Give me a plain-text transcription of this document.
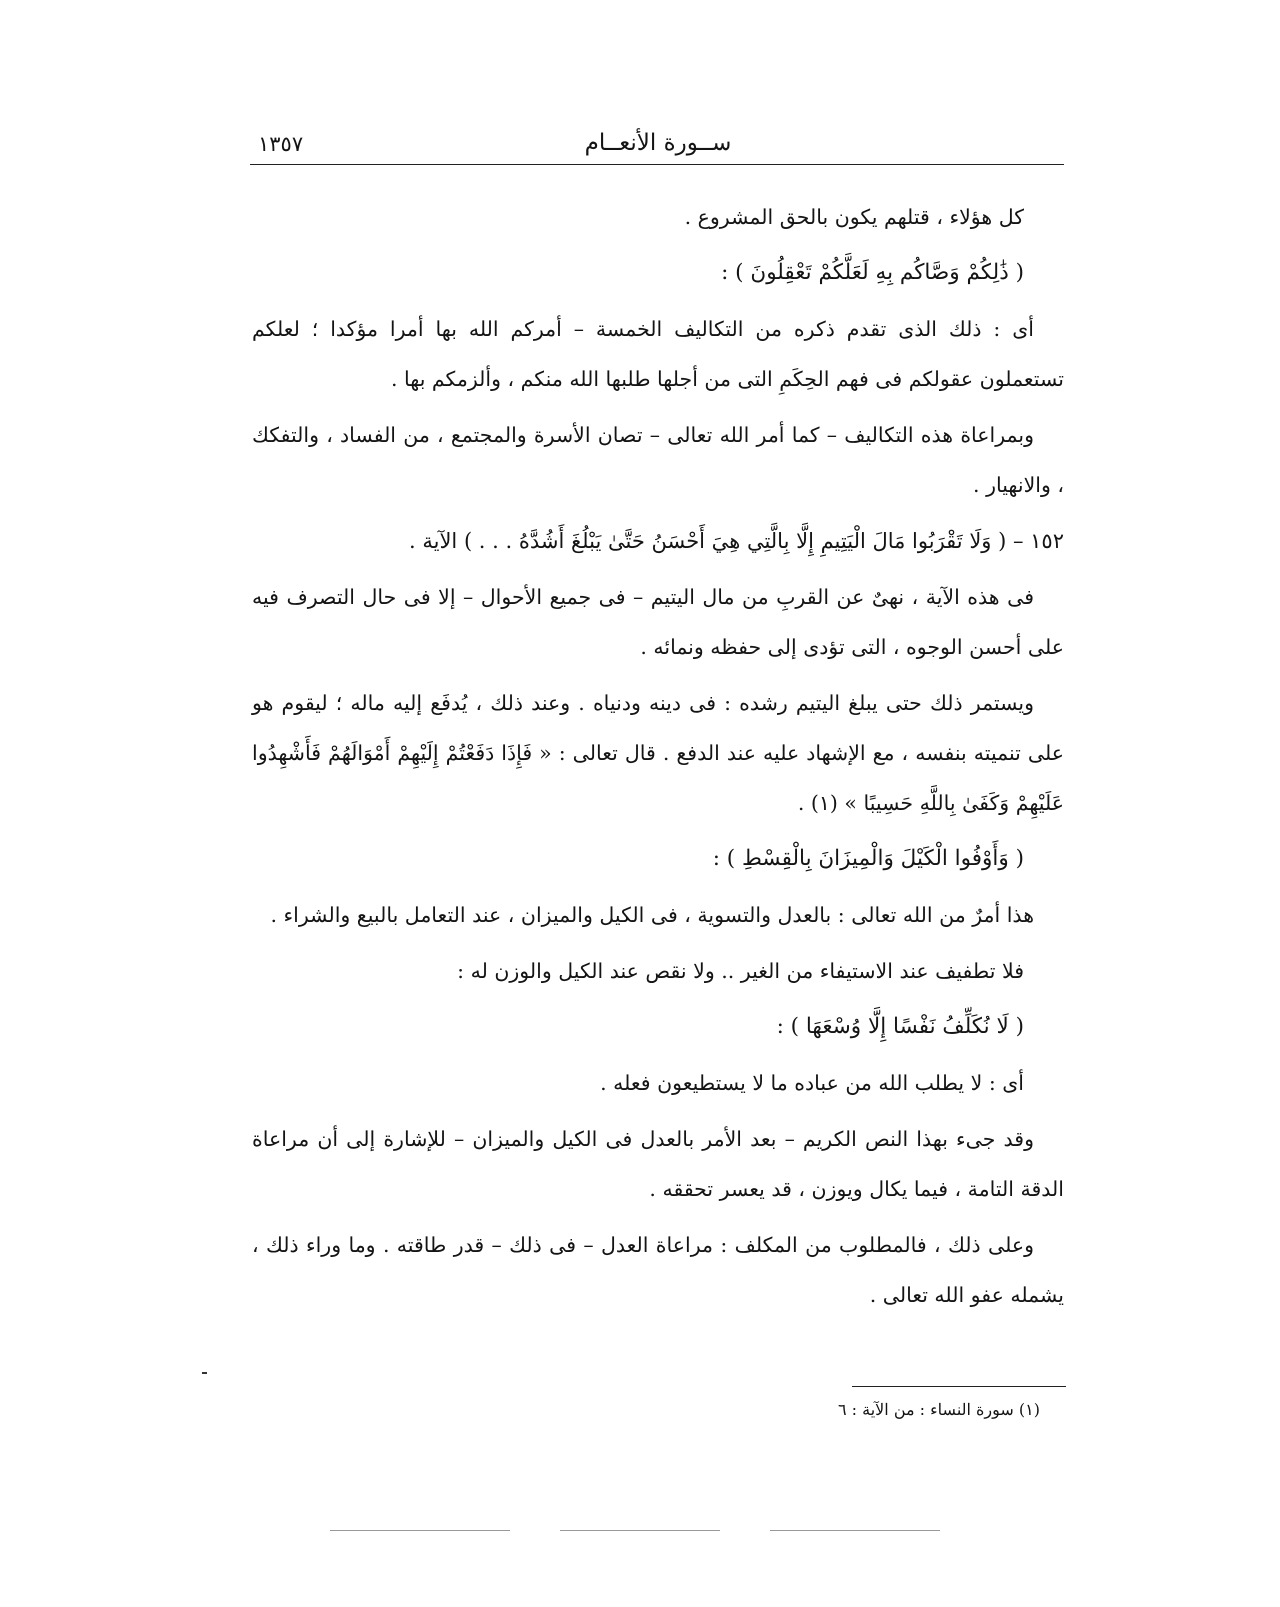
ســورة الأنعــام
١٣٥٧

كل هؤلاء ، قتلهم يكون بالحق المشروع .

( ذَٰلِكُمْ وَصَّاكُم بِهِ لَعَلَّكُمْ تَعْقِلُونَ ) :

أى : ذلك الذى تقدم ذكره من التكاليف الخمسة – أمركم الله بها أمرا مؤكدا ؛ لعلكم تستعملون عقولكم فى فهم الحِكَمِ التى من أجلها طلبها الله منكم ، وألزمكم بها .

وبمراعاة هذه التكاليف – كما أمر الله تعالى – تصان الأسرة والمجتمع ، من الفساد ، والتفكك ، والانهيار .

١٥٢ – ( وَلَا تَقْرَبُوا مَالَ الْيَتِيمِ إِلَّا بِالَّتِي هِيَ أَحْسَنُ حَتَّىٰ يَبْلُغَ أَشُدَّهُ . . . ) الآية .

فى هذه الآية ، نهىٌ عن القربِ من مال اليتيم – فى جميع الأحوال – إلا فى حال التصرف فيه على أحسن الوجوه ، التى تؤدى إلى حفظه ونمائه .

ويستمر ذلك حتى يبلغ اليتيم رشده : فى دينه ودنياه . وعند ذلك ، يُدفَع إليه ماله ؛ ليقوم هو على تنميته بنفسه ، مع الإشهاد عليه عند الدفع . قال تعالى : « فَإِذَا دَفَعْتُمْ إِلَيْهِمْ أَمْوَالَهُمْ فَأَشْهِدُوا عَلَيْهِمْ وَكَفَىٰ بِاللَّهِ حَسِيبًا » (١) .

( وَأَوْفُوا الْكَيْلَ وَالْمِيزَانَ بِالْقِسْطِ ) :

هذا أمرٌ من الله تعالى : بالعدل والتسوية ، فى الكيل والميزان ، عند التعامل بالبيع والشراء .

فلا تطفيف عند الاستيفاء من الغير .. ولا نقص عند الكيل والوزن له :

( لَا نُكَلِّفُ نَفْسًا إِلَّا وُسْعَهَا ) :

أى : لا يطلب الله من عباده ما لا يستطيعون فعله .

وقد جىء بهذا النص الكريم – بعد الأمر بالعدل فى الكيل والميزان – للإشارة إلى أن مراعاة الدقة التامة ، فيما يكال ويوزن ، قد يعسر تحققه .

وعلى ذلك ، فالمطلوب من المكلف : مراعاة العدل – فى ذلك – قدر طاقته . وما وراء ذلك ، يشمله عفو الله تعالى .

(١) سورة النساء : من الآية : ٦
